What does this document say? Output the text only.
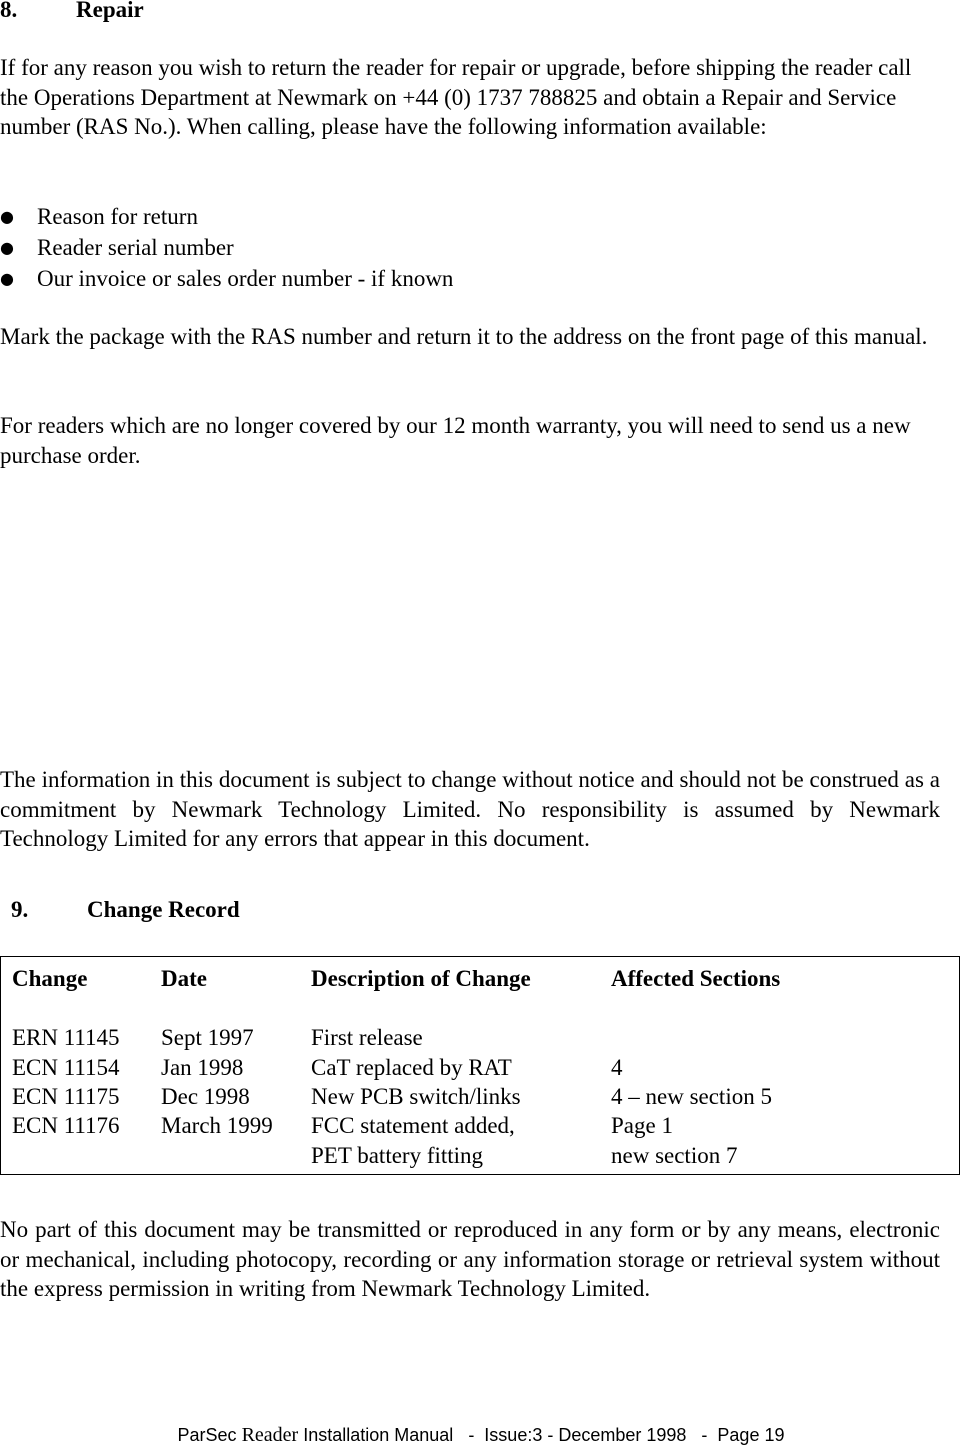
8.	Repair
If for any reason you wish to return the reader for repair or upgrade, before shipping the reader call the Operations Department at Newmark on +44 (0) 1737 788825 and obtain a Repair and Service number (RAS No.). When calling, please have the following information available:
● Reason for return
● Reader serial number
● Our invoice or sales order number - if known
Mark the package with the RAS number and return it to the address on the front page of this manual.
For readers which are no longer covered by our 12 month warranty, you will need to send us a new purchase order.
The information in this document is subject to change without notice and should not be construed as a commitment by Newmark Technology Limited. No responsibility is assumed by Newmark Technology Limited for any errors that appear in this document.
9.	Change Record
Change	Date	Description of Change	Affected Sections
ERN 11145 Sept 1997 First release
ECN 11154 Jan 1998	CaT replaced by RAT	4
ECN 11175 Dec 1998	New PCB switch/links	4 – new section 5
ECN 11176 March 1999 FCC statement added,	Page 1
PET battery fitting	new section 7
No part of this document may be transmitted or reproduced in any form or by any means, electronic or mechanical, including photocopy, recording or any information storage or retrieval system without the express permission in writing from Newmark Technology Limited.
ParSec Reader Installation Manual   -  Issue:3 - December 1998   -  Page 19
